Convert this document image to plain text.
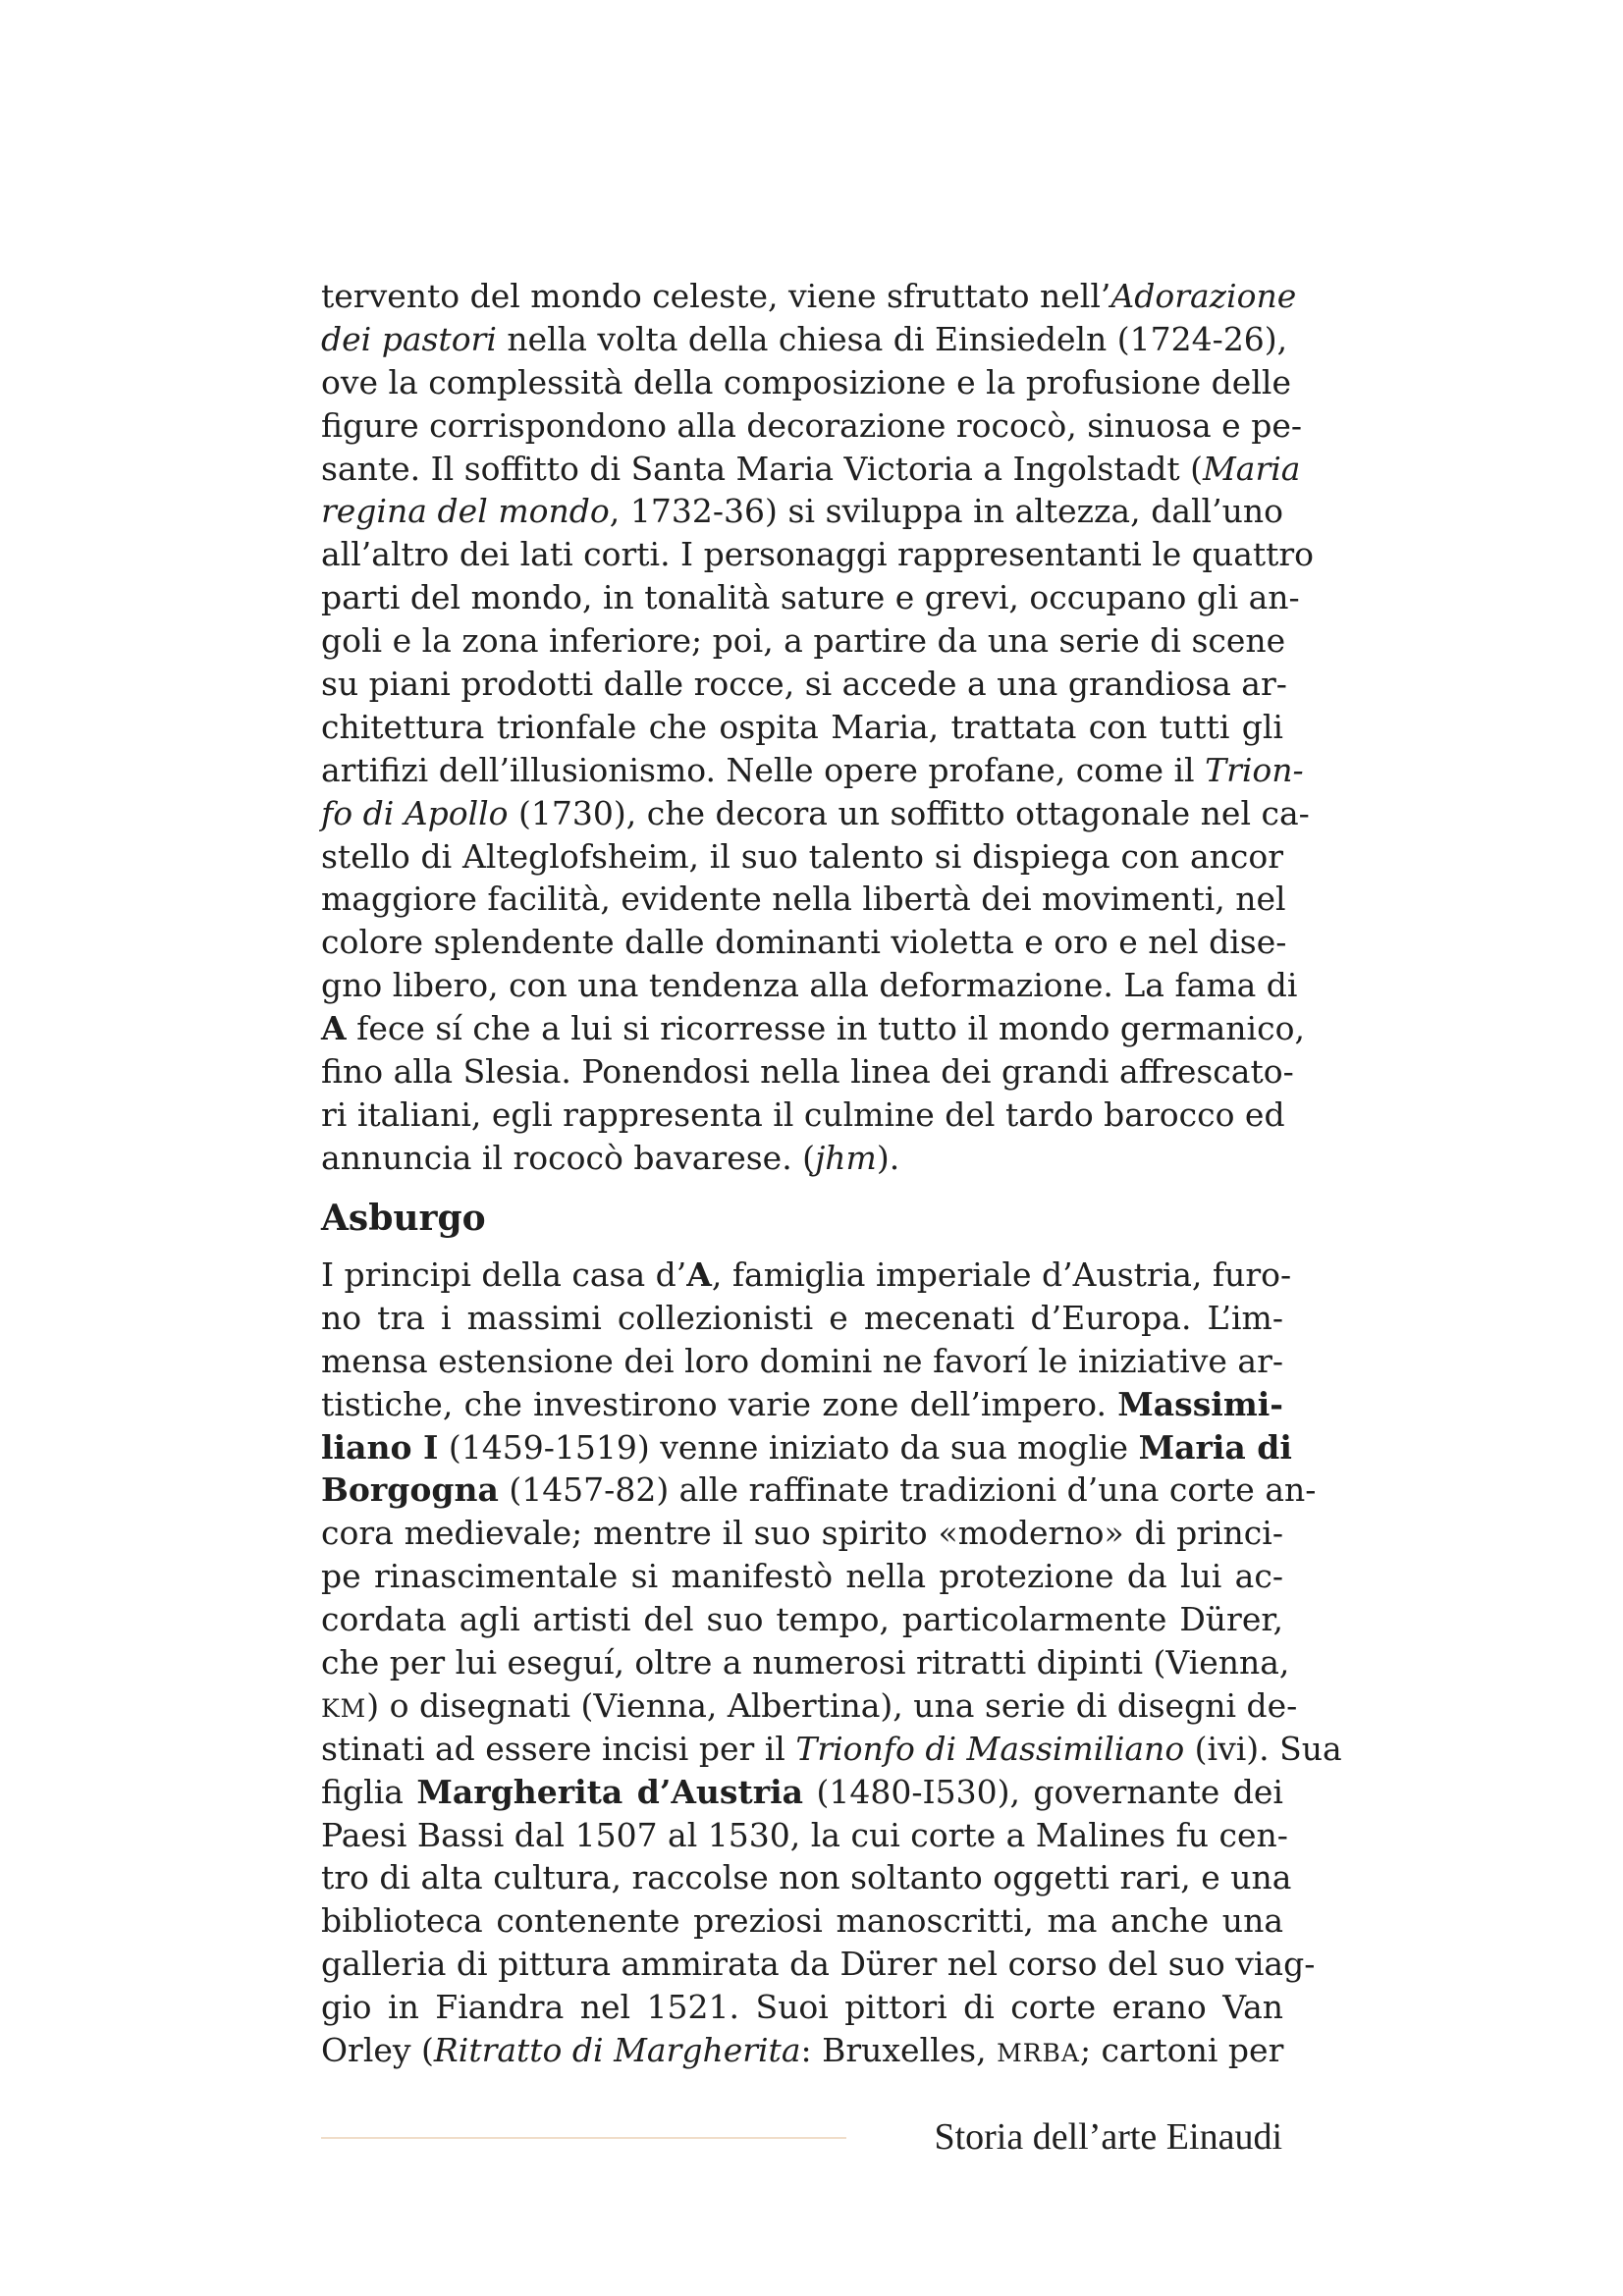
tervento del mondo celeste, viene sfruttato nell’Adorazione
dei pastori nella volta della chiesa di Einsiedeln (1724-26),
ove la complessità della composizione e la profusione delle
figure corrispondono alla decorazione rococò, sinuosa e pe-
sante. Il soffitto di Santa Maria Victoria a Ingolstadt (Maria
regina del mondo, 1732-36) si sviluppa in altezza, dall’uno
all’altro dei lati corti. I personaggi rappresentanti le quattro
parti del mondo, in tonalità sature e grevi, occupano gli an-
goli e la zona inferiore; poi, a partire da una serie di scene
su piani prodotti dalle rocce, si accede a una grandiosa ar-
chitettura trionfale che ospita Maria, trattata con tutti gli
artifizi dell’illusionismo. Nelle opere profane, come il Trion-
fo di Apollo (1730), che decora un soffitto ottagonale nel ca-
stello di Alteglofsheim, il suo talento si dispiega con ancor
maggiore facilità, evidente nella libertà dei movimenti, nel
colore splendente dalle dominanti violetta e oro e nel dise-
gno libero, con una tendenza alla deformazione. La fama di
A fece sí che a lui si ricorresse in tutto il mondo germanico,
fino alla Slesia. Ponendosi nella linea dei grandi affrescato-
ri italiani, egli rappresenta il culmine del tardo barocco ed
annuncia il rococò bavarese. (jhm).
Asburgo
I principi della casa d’A, famiglia imperiale d’Austria, furo-
no tra i massimi collezionisti e mecenati d’Europa. L’im-
mensa estensione dei loro domini ne favorí le iniziative ar-
tistiche, che investirono varie zone dell’impero. Massimi-
liano I (1459-1519) venne iniziato da sua moglie Maria di
Borgogna (1457-82) alle raffinate tradizioni d’una corte an-
cora medievale; mentre il suo spirito «moderno» di princi-
pe rinascimentale si manifestò nella protezione da lui ac-
cordata agli artisti del suo tempo, particolarmente Dürer,
che per lui eseguí, oltre a numerosi ritratti dipinti (Vienna,
KM) o disegnati (Vienna, Albertina), una serie di disegni de-
stinati ad essere incisi per il Trionfo di Massimiliano (ivi). Sua
figlia Margherita d’Austria (1480-I530), governante dei
Paesi Bassi dal 1507 al 1530, la cui corte a Malines fu cen-
tro di alta cultura, raccolse non soltanto oggetti rari, e una
biblioteca contenente preziosi manoscritti, ma anche una
galleria di pittura ammirata da Dürer nel corso del suo viag-
gio in Fiandra nel 1521. Suoi pittori di corte erano Van
Orley (Ritratto di Margherita: Bruxelles, MRBA; cartoni per
Storia dell’arte Einaudi
